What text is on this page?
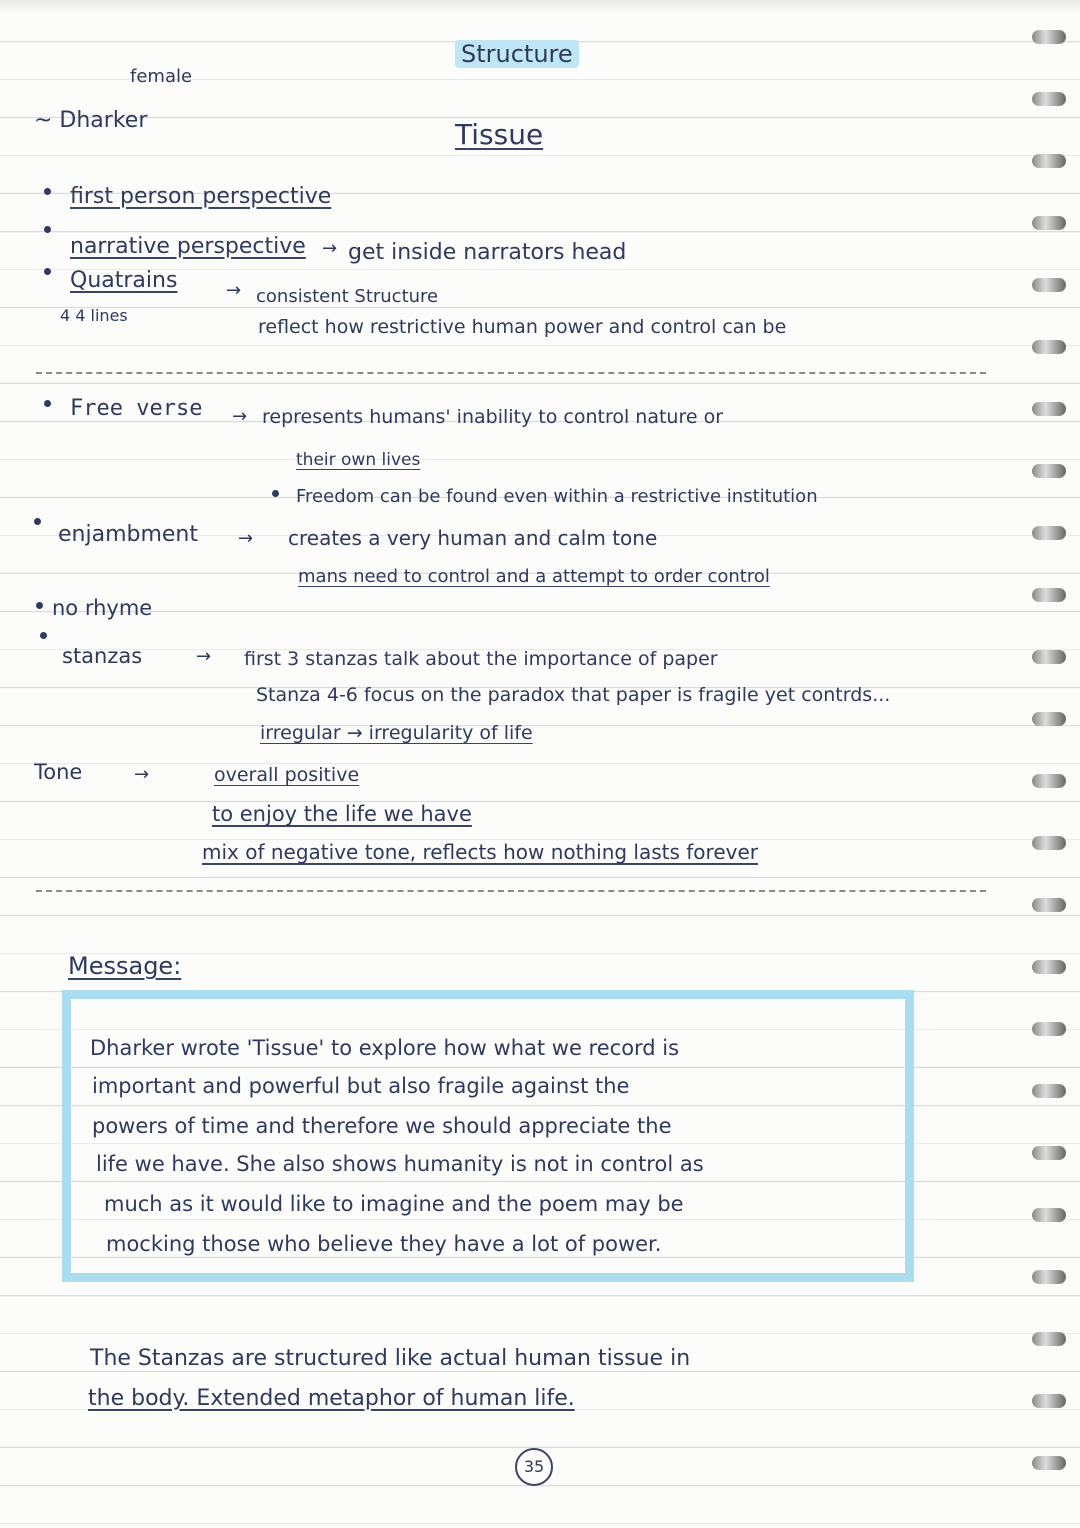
Structure
female
~ Dharker	Tissue
first person perspective
narrative perspective → get inside narrators head
Quatrains
4 4 lines
→ consistent Structure
reflect how restrictive human power and control can be
Free verse → represents humans' inability to control nature or
their own lives
Freedom can be found even within a restrictive institution
enjambment → creates a very human and calm tone
mans need to control and a attempt to order control
no rhyme
stanzas	→ first 3 stanzas talk about the importance of paper
Stanza 4-6 focus on the paradox that paper is fragile yet contrds...
irregular → irregularity of life
Tone	→	overall positive
to enjoy the life we have
mix of negative tone, reflects how nothing lasts forever
Message:
Dharker wrote 'Tissue' to explore how what we record is
important and powerful but also fragile against the
powers of time and therefore we should appreciate the
life we have. She also shows humanity is not in control as
much as it would like to imagine and the poem may be
mocking those who believe they have a lot of power.
The Stanzas are structured like actual human tissue in
the body. Extended metaphor of human life.
35
